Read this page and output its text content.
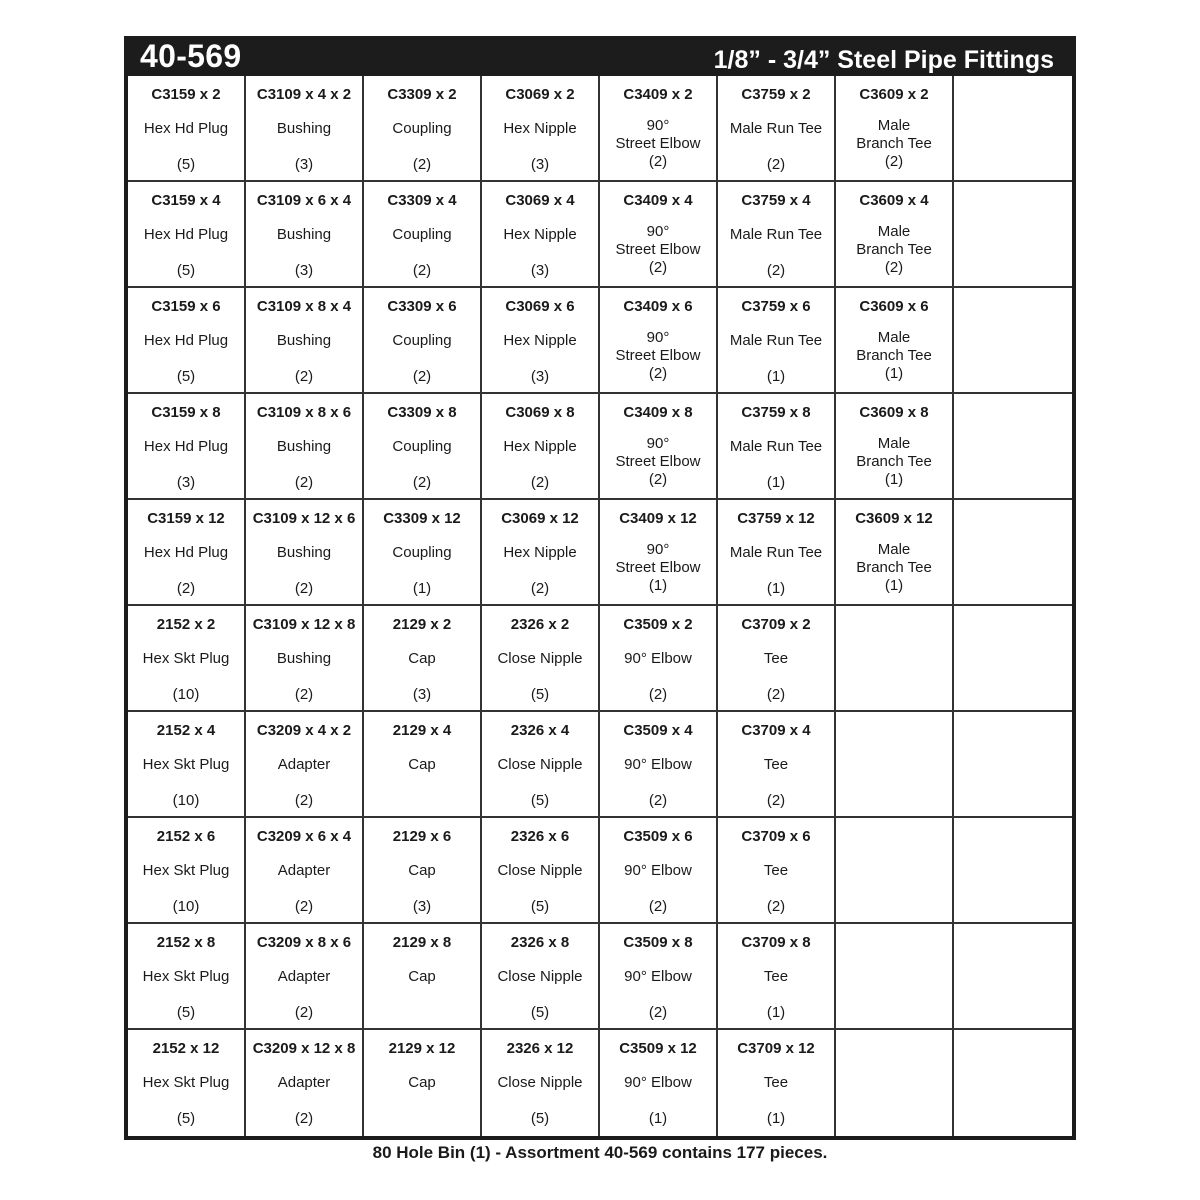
40-569	1/8” - 3/4” Steel Pipe Fittings
C3159 x 2
Hex Hd Plug
(5)
C3109 x 4 x 2
Bushing
(3)
C3309 x 2
Coupling
(2)
C3069 x 2
Hex Nipple
(3)
C3409 x 2
90°
Street Elbow
(2)
C3759 x 2
Male Run Tee
(2)
C3609 x 2
Male
Branch Tee
(2)
C3159 x 4
Hex Hd Plug
(5)
C3109 x 6 x 4
Bushing
(3)
C3309 x 4
Coupling
(2)
C3069 x 4
Hex Nipple
(3)
C3409 x 4
90°
Street Elbow
(2)
C3759 x 4
Male Run Tee
(2)
C3609 x 4
Male
Branch Tee
(2)
C3159 x 6
Hex Hd Plug
(5)
C3109 x 8 x 4
Bushing
(2)
C3309 x 6
Coupling
(2)
C3069 x 6
Hex Nipple
(3)
C3409 x 6
90°
Street Elbow
(2)
C3759 x 6
Male Run Tee
(1)
C3609 x 6
Male
Branch Tee
(1)
C3159 x 8
Hex Hd Plug
(3)
C3109 x 8 x 6
Bushing
(2)
C3309 x 8
Coupling
(2)
C3069 x 8
Hex Nipple
(2)
C3409 x 8
90°
Street Elbow
(2)
C3759 x 8
Male Run Tee
(1)
C3609 x 8
Male
Branch Tee
(1)
C3159 x 12
Hex Hd Plug
(2)
C3109 x 12 x 6
Bushing
(2)
C3309 x 12
Coupling
(1)
C3069 x 12
Hex Nipple
(2)
C3409 x 12
90°
Street Elbow
(1)
C3759 x 12
Male Run Tee
(1)
C3609 x 12
Male
Branch Tee
(1)
2152 x 2
Hex Skt Plug
(10)
C3109 x 12 x 8
Bushing
(2)
2129 x 2
Cap
(3)
2326 x 2
Close Nipple
(5)
C3509 x 2
90° Elbow
(2)
C3709 x 2
Tee
(2)
2152 x 4
Hex Skt Plug
(10)
C3209 x 4 x 2
Adapter
(2)
2129 x 4
Cap
2326 x 4
Close Nipple
(5)
C3509 x 4
90° Elbow
(2)
C3709 x 4
Tee
(2)
2152 x 6
Hex Skt Plug
(10)
C3209 x 6 x 4
Adapter
(2)
2129 x 6
Cap
(3)
2326 x 6
Close Nipple
(5)
C3509 x 6
90° Elbow
(2)
C3709 x 6
Tee
(2)
2152 x 8
Hex Skt Plug
(5)
C3209 x 8 x 6
Adapter
(2)
2129 x 8
Cap
2326 x 8
Close Nipple
(5)
C3509 x 8
90° Elbow
(2)
C3709 x 8
Tee
(1)
2152 x 12
Hex Skt Plug
(5)
C3209 x 12 x 8
Adapter
(2)
2129 x 12
Cap
2326 x 12
Close Nipple
(5)
C3509 x 12
90° Elbow
(1)
C3709 x 12
Tee
(1)
80 Hole Bin (1) - Assortment 40-569 contains 177 pieces.
